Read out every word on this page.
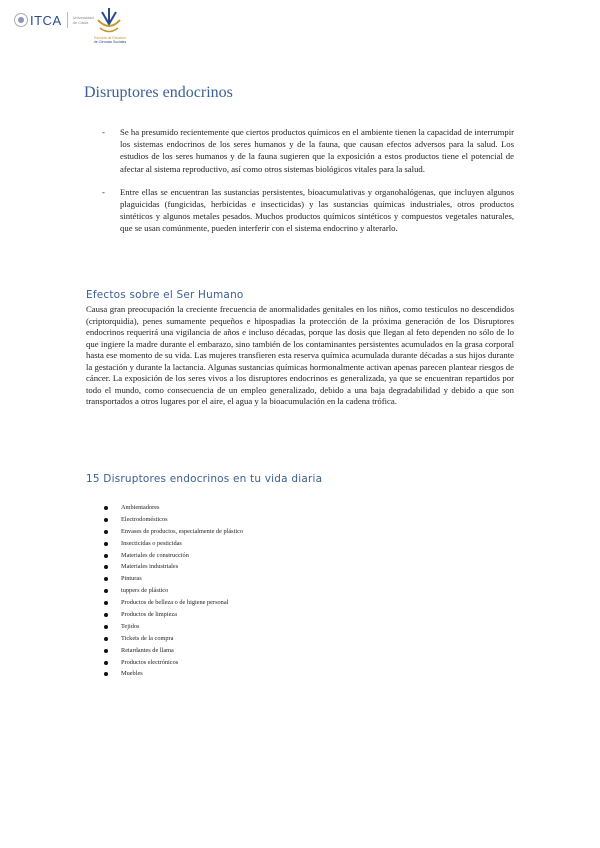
ITCA	Universidad de Cádiz
Escuela de Estudios
de Ciencias Sociales
Disruptores endocrinos
- Se ha presumido recientemente que ciertos productos químicos en el ambiente tienen la capacidad de interrumpir los sistemas endocrinos de los seres humanos y de la fauna, que causan efectos adversos para la salud. Los estudios de los seres humanos y de la fauna sugieren que la exposición a estos productos tiene el potencial de afectar al sistema reproductivo, así como otros sistemas biológicos vitales para la salud.
- Entre ellas se encuentran las sustancias persistentes, bioacumulativas y organohalógenas, que incluyen algunos plaguicidas (fungicidas, herbicidas e insecticidas) y las sustancias químicas industriales, otros productos sintéticos y algunos metales pesados. Muchos productos químicos sintéticos y compuestos vegetales naturales, que se usan comúnmente, pueden interferir con el sistema endocrino y alterarlo.
Efectos sobre el Ser Humano

Causa gran preocupación la creciente frecuencia de anormalidades genitales en los niños, como testículos no descendidos (criptorquidia), penes sumamente pequeños e hipospadias la protección de la próxima generación de los Disruptores endocrinos requerirá una vigilancia de años e incluso décadas, porque las dosis que llegan al feto dependen no sólo de lo que ingiere la madre durante el embarazo, sino también de los contaminantes persistentes acumulados en la grasa corporal hasta ese momento de su vida. Las mujeres transfieren esta reserva química acumulada durante décadas a sus hijos durante la gestación y durante la lactancia. Algunas sustancias químicas hormonalmente activan apenas parecen plantear riesgos de cáncer. La exposición de los seres vivos a los disruptores endocrinos es generalizada, ya que se encuentran repartidos por todo el mundo, como consecuencia de un empleo generalizado, debido a una baja degradabilidad y debido a que son transportados a otros lugares por el aire, el agua y la bioacumulación en la cadena trófica.

15 Disruptores endocrinos en tu vida diaria
Ambientadores
Electrodomésticos
Envases de productos, especialmente de plástico
Insecticidas o pesticidas
Materiales de construcción
Materiales industriales
Pinturas
tuppers de plástico
Productos de belleza o de higiene personal
Productos de limpieza
Tejidos
Tickets de la compra
Retardantes de llama
Productos electrónicos
Muebles
